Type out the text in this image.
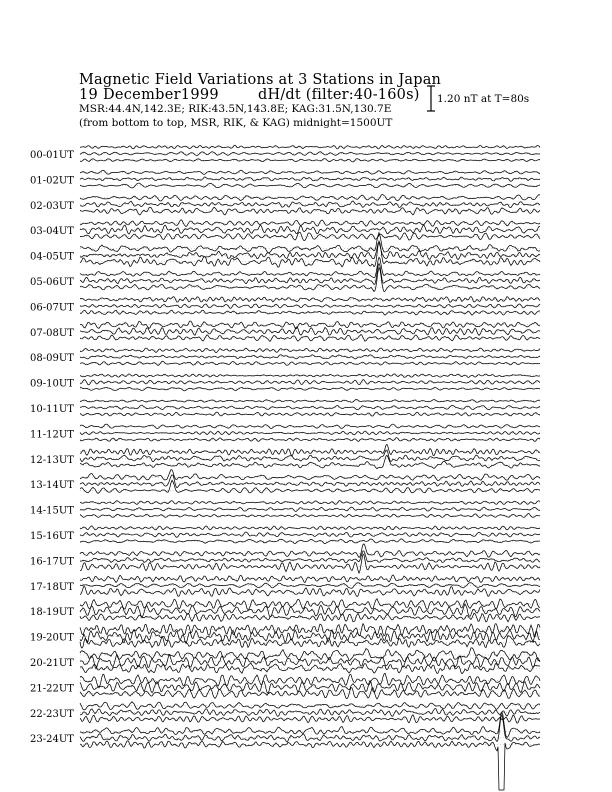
Magnetic Field Variations at 3 Stations in Japan
19 December1999	dH/dt (filter:40-160s)
MSR:44.4N,142.3E; RIK:43.5N,143.8E; KAG:31.5N,130.7E
(from bottom to top, MSR, RIK, & KAG) midnight=1500UT
1.20 nT at T=80s
00-01UT
01-02UT
02-03UT
03-04UT
04-05UT
05-06UT
06-07UT
07-08UT
08-09UT
09-10UT
10-11UT
11-12UT
12-13UT
13-14UT
14-15UT
15-16UT
16-17UT
17-18UT
18-19UT
19-20UT
20-21UT
21-22UT
22-23UT
23-24UT
